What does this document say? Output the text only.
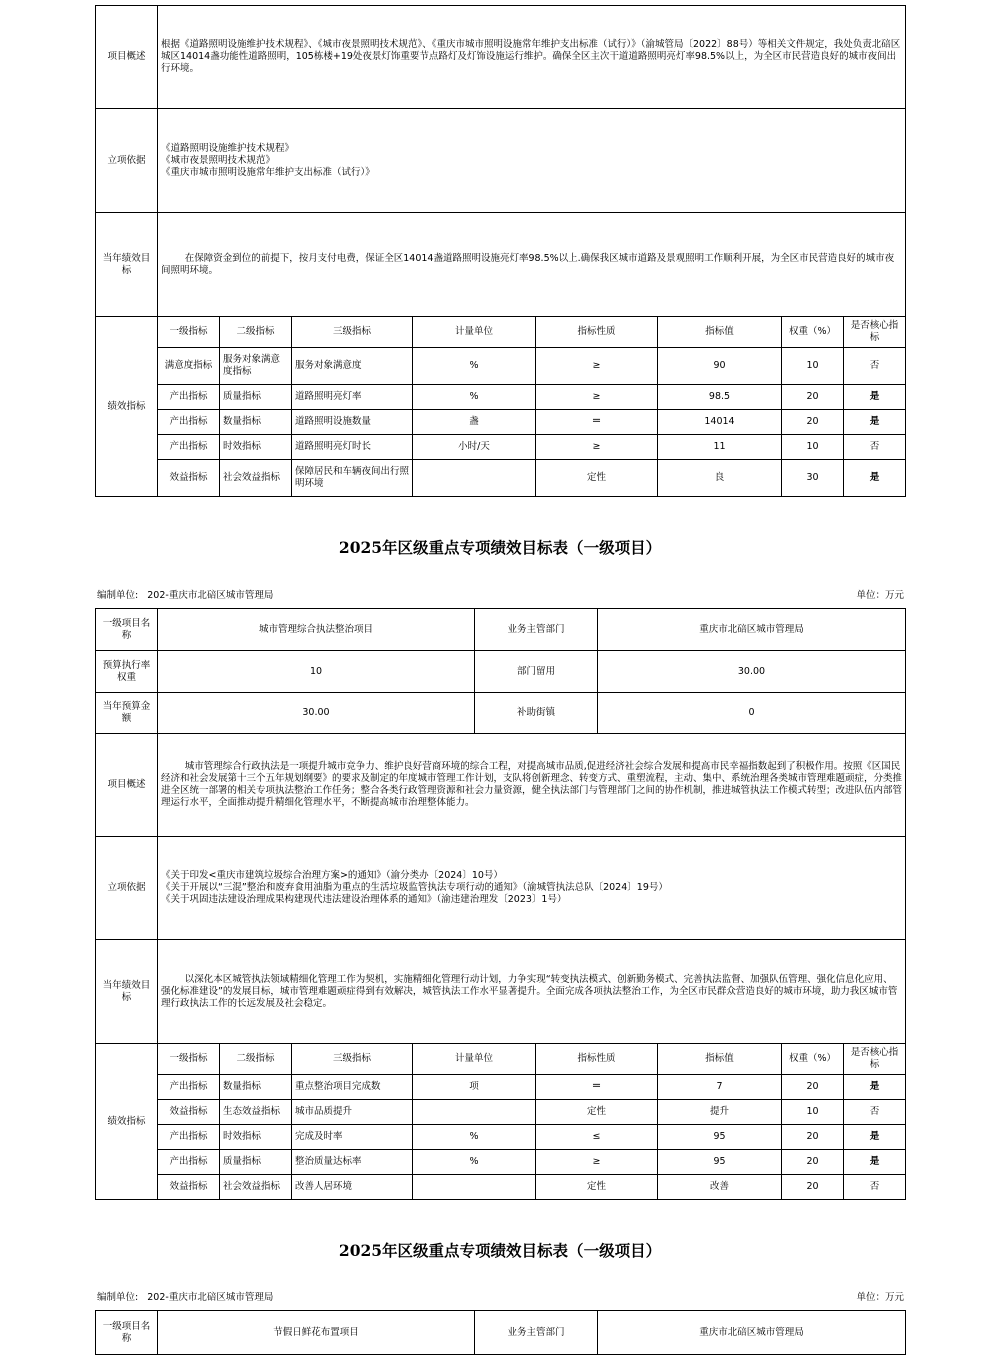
项目概述	根据《道路照明设施维护技术规程》、《城市夜景照明技术规范》、《重庆市城市照明设施常年维护支出标准（试行）》（渝城管局〔2022〕88号）等相关文件规定，我处负责北碚区城区14014盏功能性道路照明，105栋楼+19处夜景灯饰重要节点路灯及灯饰设施运行维护。确保全区主次干道道路照明亮灯率98.5%以上，为全区市民营造良好的城市夜间出行环境。							

立项依据	《道路照明设施维护技术规程》

《城市夜景照明技术规范》

《重庆市城市照明设施常年维护支出标准（试行）》							

当年绩效目标	在保障资金到位的前提下，按月支付电费，保证全区14014盏道路照明设施亮灯率98.5%以上.确保我区城市道路及景观照明工作顺利开展，为全区市民营造良好的城市夜间照明环境。							

绩效指标	一级指标	二级指标	三级指标	计量单位	指标性质	指标值	权重（%）	是否核心指标
	满意度指标	服务对象满意度指标	服务对象满意度	%	≥	90	10	否
	产出指标	质量指标	道路照明亮灯率	%	≥	98.5	20	是
	产出指标	数量指标	道路照明设施数量	盏	＝	14014	20	是
	产出指标	时效指标	道路照明亮灯时长	小时/天	≥	11	10	否
	效益指标	社会效益指标	保障居民和车辆夜间出行照明环境		定性	良	30	是
2025年区级重点专项绩效目标表（一级项目）
编制单位: 202-重庆市北碚区城市管理局	单位：万元
一级项目名称	城市管理综合执法整治项目	业务主管部门	重庆市北碚区城市管理局
预算执行率权重	10	部门留用	30.00
当年预算金额	30.00	补助街镇	0
项目概述	城市管理综合行政执法是一项提升城市竞争力、维护良好营商环境的综合工程，对提高城市品质,促进经济社会综合发展和提高市民幸福指数起到了积极作用。按照《区国民经济和社会发展第十三个五年规划纲要》的要求及制定的年度城市管理工作计划，支队将创新理念、转变方式、重塑流程，主动、集中、系统治理各类城市管理难题顽症，分类推进全区统一部署的相关专项执法整治工作任务；整合各类行政管理资源和社会力量资源，健全执法部门与管理部门之间的协作机制，推进城管执法工作模式转型；改进队伍内部管理运行水平，全面推动提升精细化管理水平，不断提高城市治理整体能力。							

立项依据	《关于印发<重庆市建筑垃圾综合治理方案>的通知》（渝分类办〔2024〕10号）

《关于开展以“三混”整治和废弃食用油脂为重点的生活垃圾监管执法专项行动的通知》（渝城管执法总队〔2024〕19号）

《关于巩固违法建设治理成果构建现代违法建设治理体系的通知》（渝违建治理发〔2023〕1号）							

当年绩效目标	以深化本区城管执法领域精细化管理工作为契机，实施精细化管理行动计划，力争实现“转变执法模式、创新勤务模式、完善执法监督、加强队伍管理、强化信息化应用、强化标准建设”的发展目标，城市管理难题顽症得到有效解决，城管执法工作水平显著提升。全面完成各项执法整治工作，为全区市民群众营造良好的城市环境，助力我区城市管理行政执法工作的长远发展及社会稳定。							

绩效指标	一级指标	二级指标	三级指标	计量单位	指标性质	指标值	权重（%）	是否核心指标
	产出指标	数量指标	重点整治项目完成数	项	＝	7	20	是
	效益指标	生态效益指标	城市品质提升		定性	提升	10	否
	产出指标	时效指标	完成及时率	%	≤	95	20	是
	产出指标	质量指标	整治质量达标率	%	≥	95	20	是
	效益指标	社会效益指标	改善人居环境		定性	改善	20	否
2025年区级重点专项绩效目标表（一级项目）
编制单位: 202-重庆市北碚区城市管理局	单位：万元
一级项目名称	节假日鲜花布置项目	业务主管部门	重庆市北碚区城市管理局
